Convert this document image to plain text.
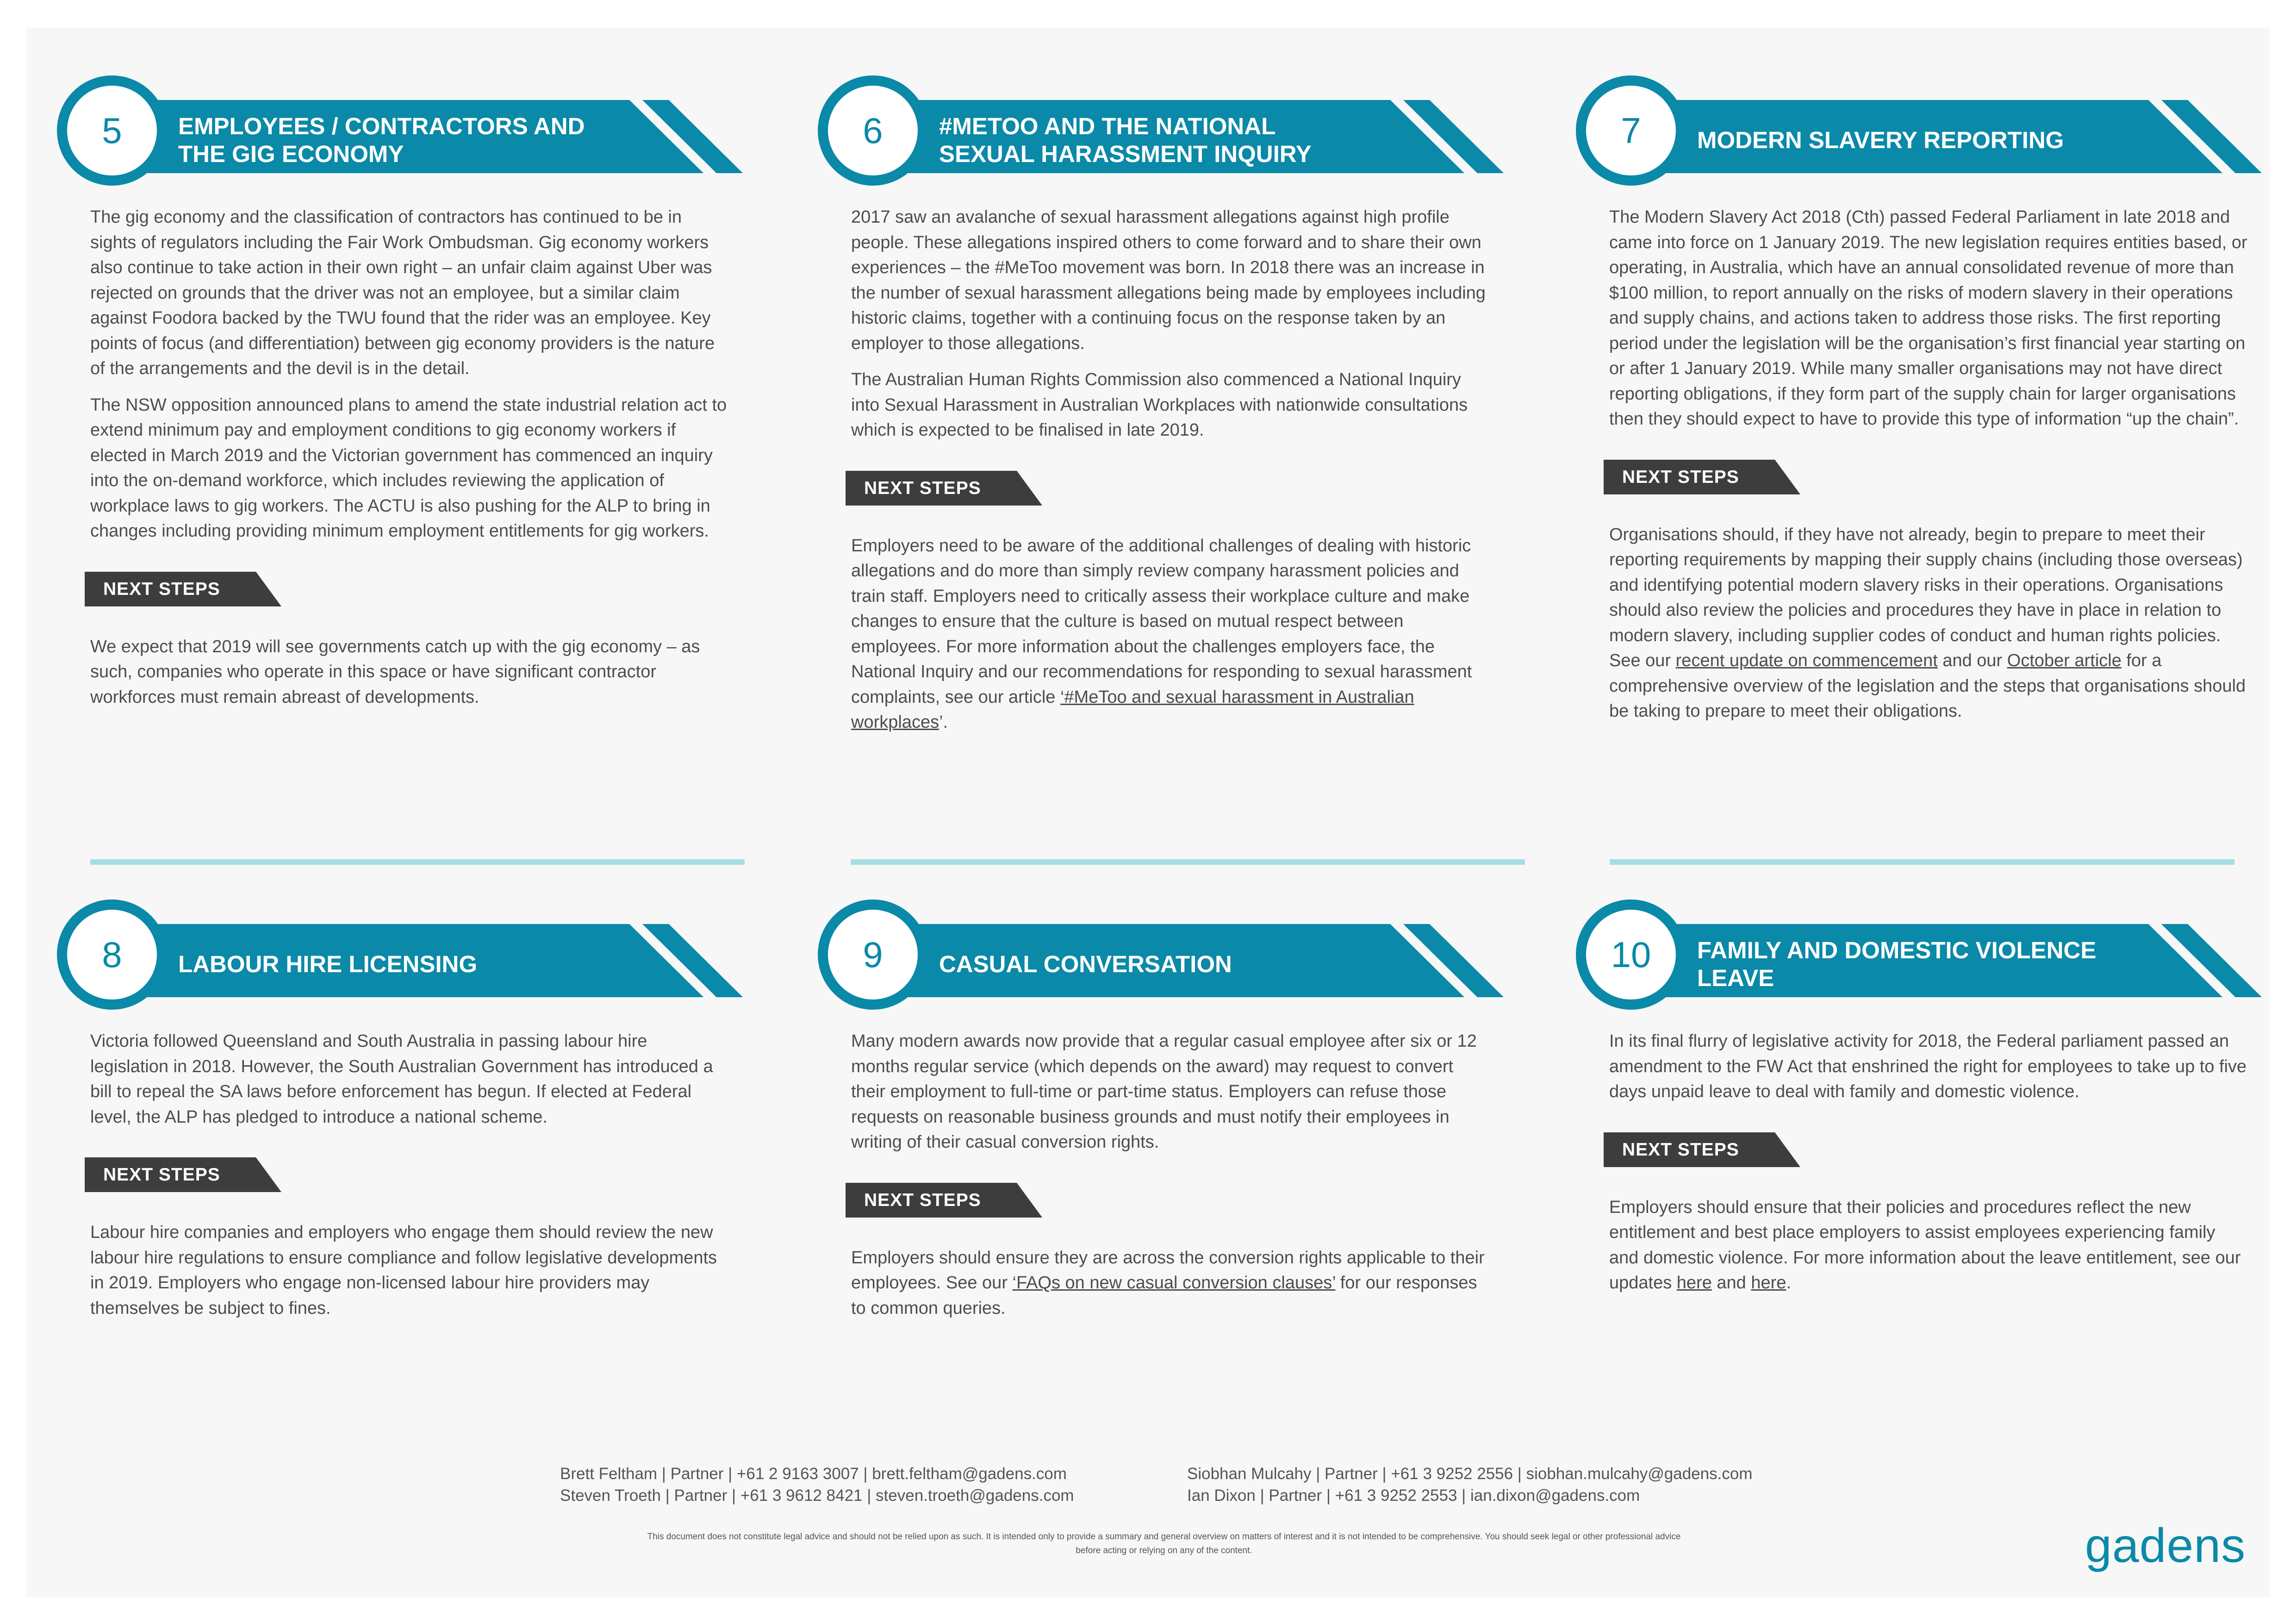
5	EMPLOYEES / CONTRACTORS AND THE GIG ECONOMY

The gig economy and the classification of contractors has continued to be in sights of regulators including the Fair Work Ombudsman. Gig economy workers also continue to take action in their own right – an unfair claim against Uber was rejected on grounds that the driver was not an employee, but a similar claim against Foodora backed by the TWU found that the rider was an employee. Key points of focus (and differentiation) between gig economy providers is the nature of the arrangements and the devil is in the detail.

The NSW opposition announced plans to amend the state industrial relation act to extend minimum pay and employment conditions to gig economy workers if elected in March 2019 and the Victorian government has commenced an inquiry into the on-demand workforce, which includes reviewing the application of workplace laws to gig workers. The ACTU is also pushing for the ALP to bring in changes including providing minimum employment entitlements for gig workers.

NEXT STEPS

We expect that 2019 will see governments catch up with the gig economy – as such, companies who operate in this space or have significant contractor workforces must remain abreast of developments.

6	#METOO AND THE NATIONAL SEXUAL HARASSMENT INQUIRY

2017 saw an avalanche of sexual harassment allegations against high profile people. These allegations inspired others to come forward and to share their own experiences – the #MeToo movement was born. In 2018 there was an increase in the number of sexual harassment allegations being made by employees including historic claims, together with a continuing focus on the response taken by an employer to those allegations.

The Australian Human Rights Commission also commenced a National Inquiry into Sexual Harassment in Australian Workplaces with nationwide consultations which is expected to be finalised in late 2019.

NEXT STEPS

Employers need to be aware of the additional challenges of dealing with historic allegations and do more than simply review company harassment policies and train staff. Employers need to critically assess their workplace culture and make changes to ensure that the culture is based on mutual respect between employees. For more information about the challenges employers face, the National Inquiry and our recommendations for responding to sexual harassment complaints, see our article ‘#MeToo and sexual harassment in Australian workplaces’.

7	MODERN SLAVERY REPORTING

The Modern Slavery Act 2018 (Cth) passed Federal Parliament in late 2018 and came into force on 1 January 2019. The new legislation requires entities based, or operating, in Australia, which have an annual consolidated revenue of more than $100 million, to report annually on the risks of modern slavery in their operations and supply chains, and actions taken to address those risks. The first reporting period under the legislation will be the organisation’s first financial year starting on or after 1 January 2019. While many smaller organisations may not have direct reporting obligations, if they form part of the supply chain for larger organisations then they should expect to have to provide this type of information “up the chain”.

NEXT STEPS

Organisations should, if they have not already, begin to prepare to meet their reporting requirements by mapping their supply chains (including those overseas) and identifying potential modern slavery risks in their operations. Organisations should also review the policies and procedures they have in place in relation to modern slavery, including supplier codes of conduct and human rights policies. See our recent update on commencement and our October article for a comprehensive overview of the legislation and the steps that organisations should be taking to prepare to meet their obligations.

8	LABOUR HIRE LICENSING

Victoria followed Queensland and South Australia in passing labour hire legislation in 2018. However, the South Australian Government has introduced a bill to repeal the SA laws before enforcement has begun. If elected at Federal level, the ALP has pledged to introduce a national scheme.

NEXT STEPS

Labour hire companies and employers who engage them should review the new labour hire regulations to ensure compliance and follow legislative developments in 2019. Employers who engage non-licensed labour hire providers may themselves be subject to fines.

9	CASUAL CONVERSATION

Many modern awards now provide that a regular casual employee after six or 12 months regular service (which depends on the award) may request to convert their employment to full-time or part-time status. Employers can refuse those requests on reasonable business grounds and must notify their employees in writing of their casual conversion rights.

NEXT STEPS

Employers should ensure they are across the conversion rights applicable to their employees. See our ‘FAQs on new casual conversion clauses’ for our responses to common queries.

10	FAMILY AND DOMESTIC VIOLENCE LEAVE

In its final flurry of legislative activity for 2018, the Federal parliament passed an amendment to the FW Act that enshrined the right for employees to take up to five days unpaid leave to deal with family and domestic violence.

NEXT STEPS

Employers should ensure that their policies and procedures reflect the new entitlement and best place employers to assist employees experiencing family and domestic violence. For more information about the leave entitlement, see our updates here and here.

Brett Feltham | Partner | +61 2 9163 3007 | brett.feltham@gadens.com
Steven Troeth | Partner | +61 3 9612 8421 | steven.troeth@gadens.com
Siobhan Mulcahy | Partner | +61 3 9252 2556 | siobhan.mulcahy@gadens.com
Ian Dixon | Partner | +61 3 9252 2553 | ian.dixon@gadens.com
This document does not constitute legal advice and should not be relied upon as such. It is intended only to provide a summary and general overview on matters of interest and it is not intended to be comprehensive. You should seek legal or other professional advice before acting or relying on any of the content.	gadens
